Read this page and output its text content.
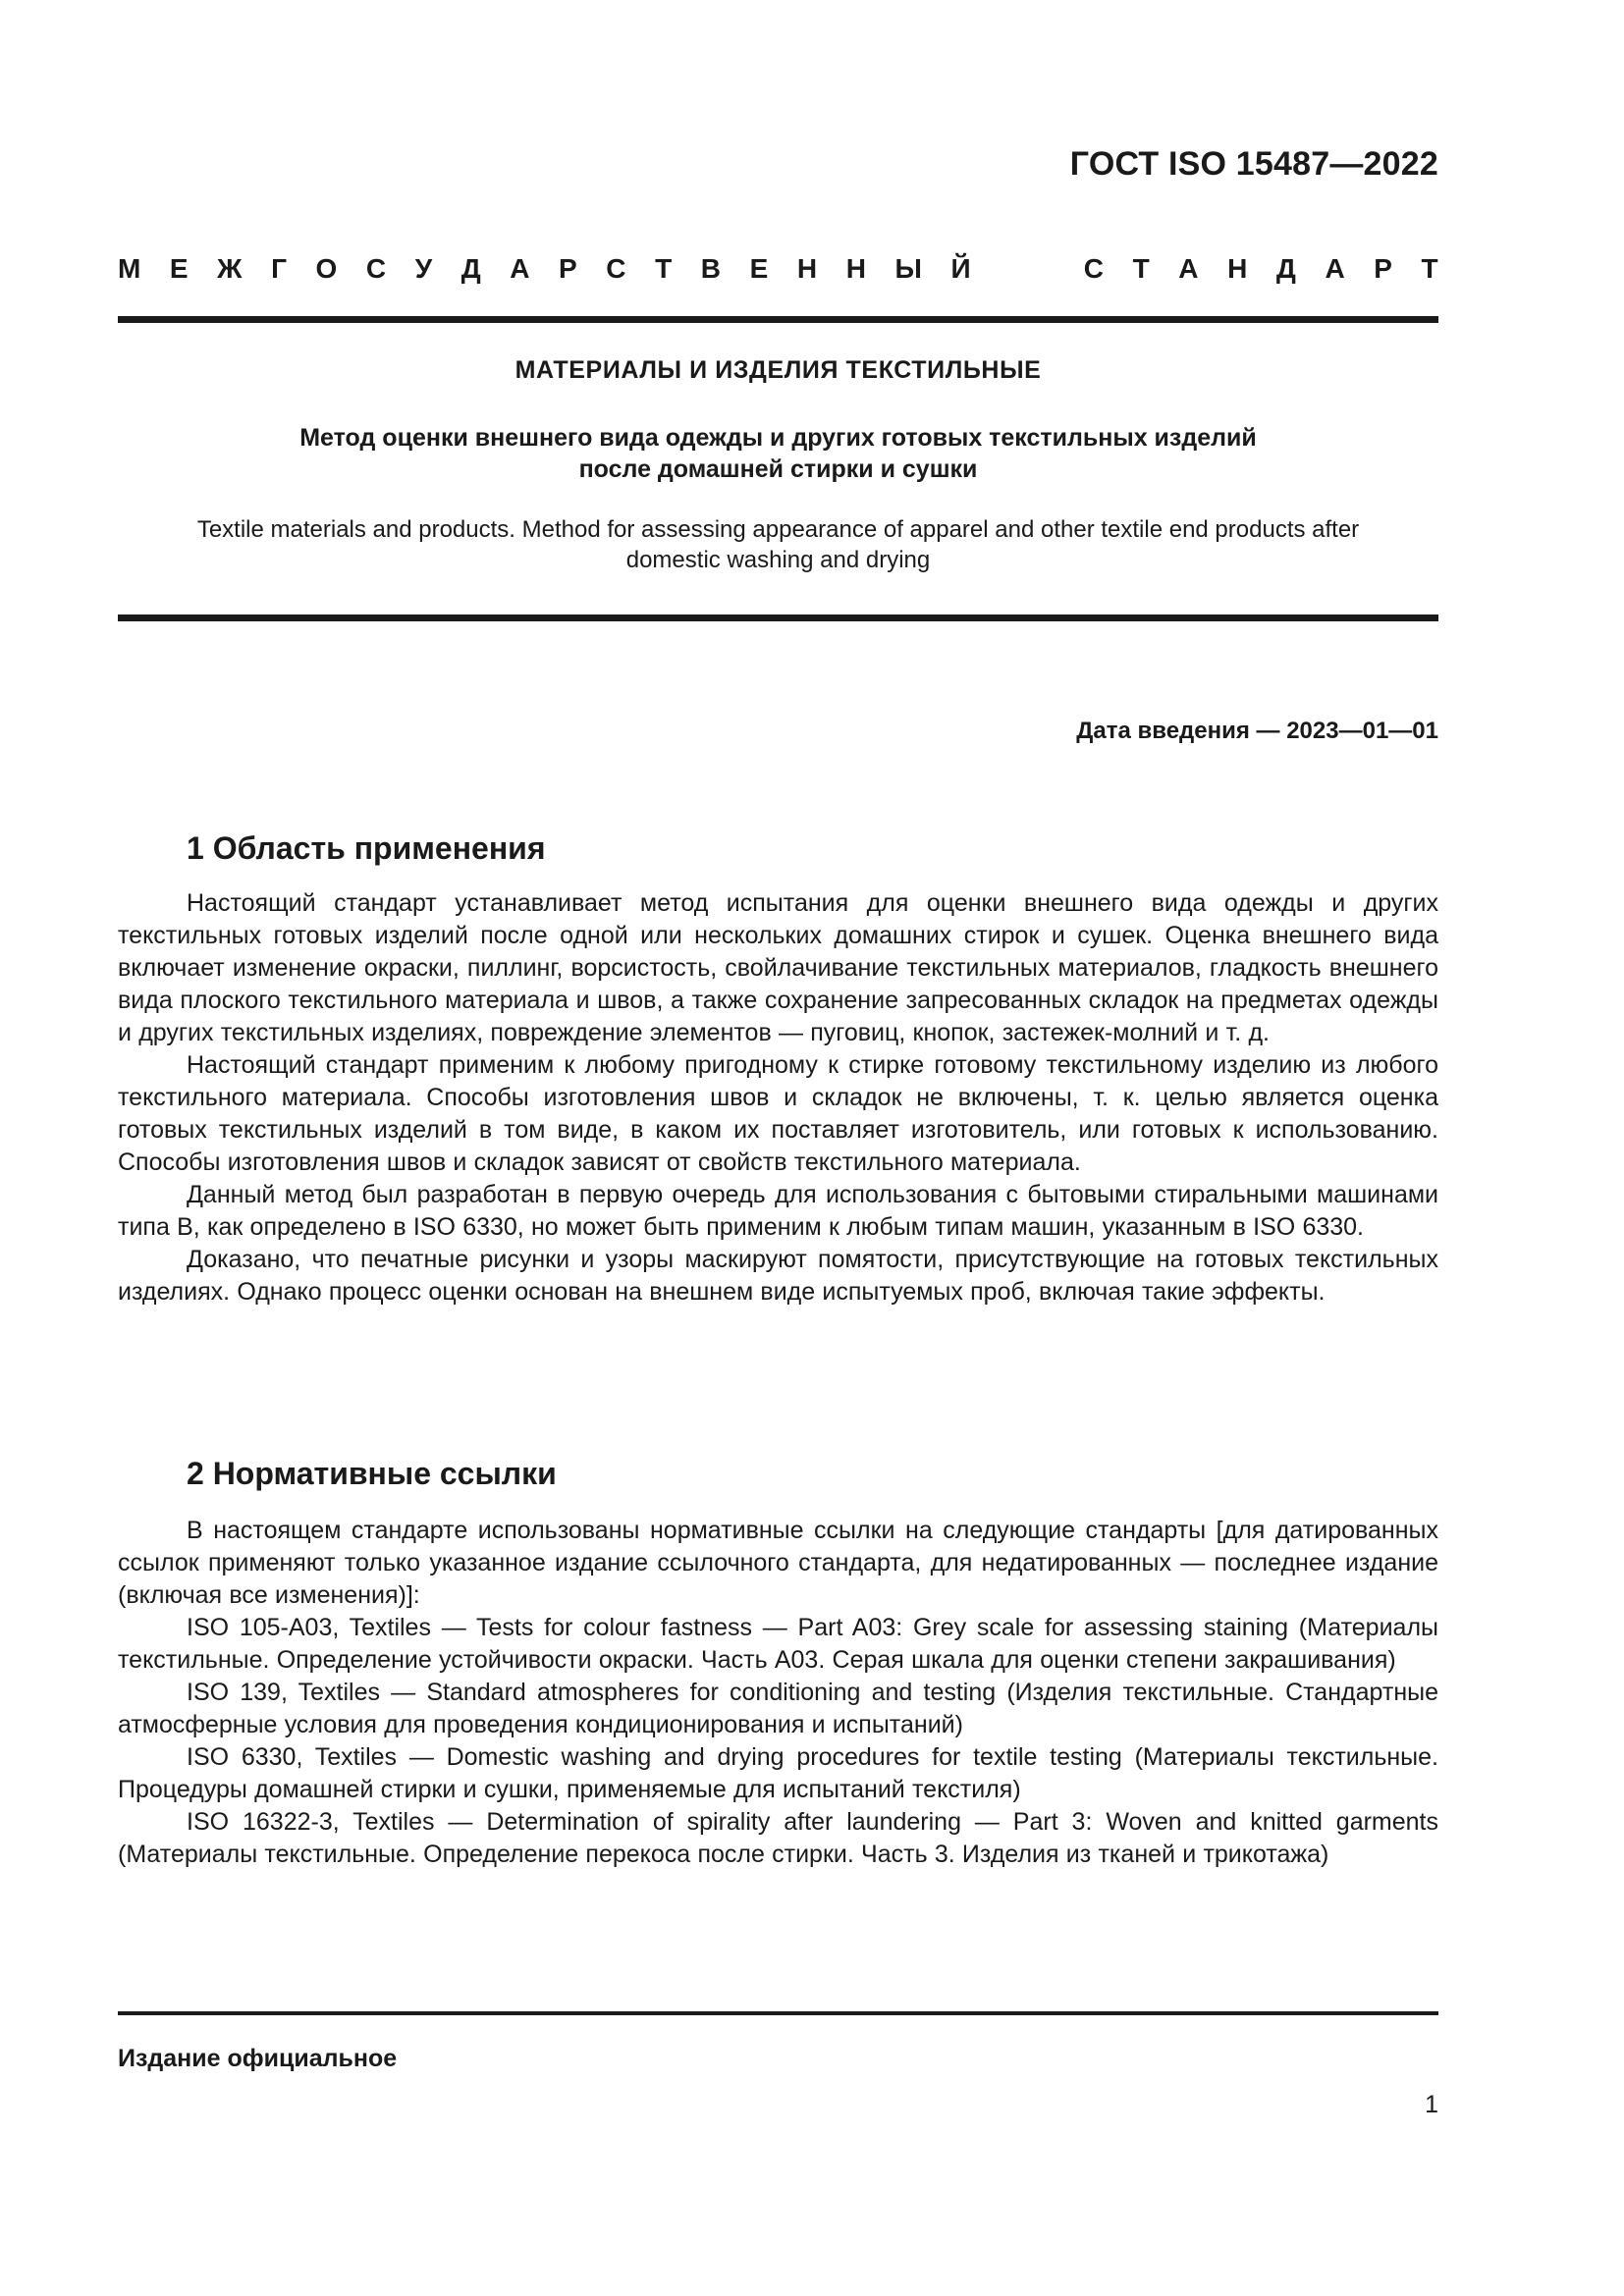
ГОСТ ISO 15487—2022
М Е Ж Г О С У Д А Р С Т В Е Н Н Ы Й	С Т А Н Д А Р Т
МАТЕРИАЛЫ И ИЗДЕЛИЯ ТЕКСТИЛЬНЫЕ
Метод оценки внешнего вида одежды и других готовых текстильных изделий
после домашней стирки и сушки
Textile materials and products. Method for assessing appearance of apparel and other textile end products after
domestic washing and drying
Дата введения — 2023—01—01
1 Область применения

Настоящий стандарт устанавливает метод испытания для оценки внешнего вида одежды и других текстильных готовых изделий после одной или нескольких домашних стирок и сушек. Оценка внешнего вида включает изменение окраски, пиллинг, ворсистость, свойлачивание текстильных материалов, гладкость внешнего вида плоского текстильного материала и швов, а также сохранение запресованных складок на предметах одежды и других текстильных изделиях, повреждение элементов — пуговиц, кнопок, застежек-молний и т. д.

Настоящий стандарт применим к любому пригодному к стирке готовому текстильному изделию из любого текстильного материала. Способы изготовления швов и складок не включены, т. к. целью является оценка готовых текстильных изделий в том виде, в каком их поставляет изготовитель, или готовых к использованию. Способы изготовления швов и складок зависят от свойств текстильного материала.

Данный метод был разработан в первую очередь для использования с бытовыми стиральными машинами типа В, как определено в ISO 6330, но может быть применим к любым типам машин, указанным в ISO 6330.

Доказано, что печатные рисунки и узоры маскируют помятости, присутствующие на готовых текстильных изделиях. Однако процесс оценки основан на внешнем виде испытуемых проб, включая такие эффекты.

2 Нормативные ссылки

В настоящем стандарте использованы нормативные ссылки на следующие стандарты [для датированных ссылок применяют только указанное издание ссылочного стандарта, для недатированных — последнее издание (включая все изменения)]:

ISO 105-A03, Textiles — Tests for colour fastness — Part A03: Grey scale for assessing staining (Материалы текстильные. Определение устойчивости окраски. Часть А03. Серая шкала для оценки степени закрашивания)

ISO 139, Textiles — Standard atmospheres for conditioning and testing (Изделия текстильные. Стандартные атмосферные условия для проведения кондиционирования и испытаний)

ISO 6330, Textiles — Domestic washing and drying procedures for textile testing (Материалы текстильные. Процедуры домашней стирки и сушки, применяемые для испытаний текстиля)

ISO 16322-3, Textiles — Determination of spirality after laundering — Part 3: Woven and knitted garments (Материалы текстильные. Определение перекоса после стирки. Часть 3. Изделия из тканей и трикотажа)

Издание официальное
1
